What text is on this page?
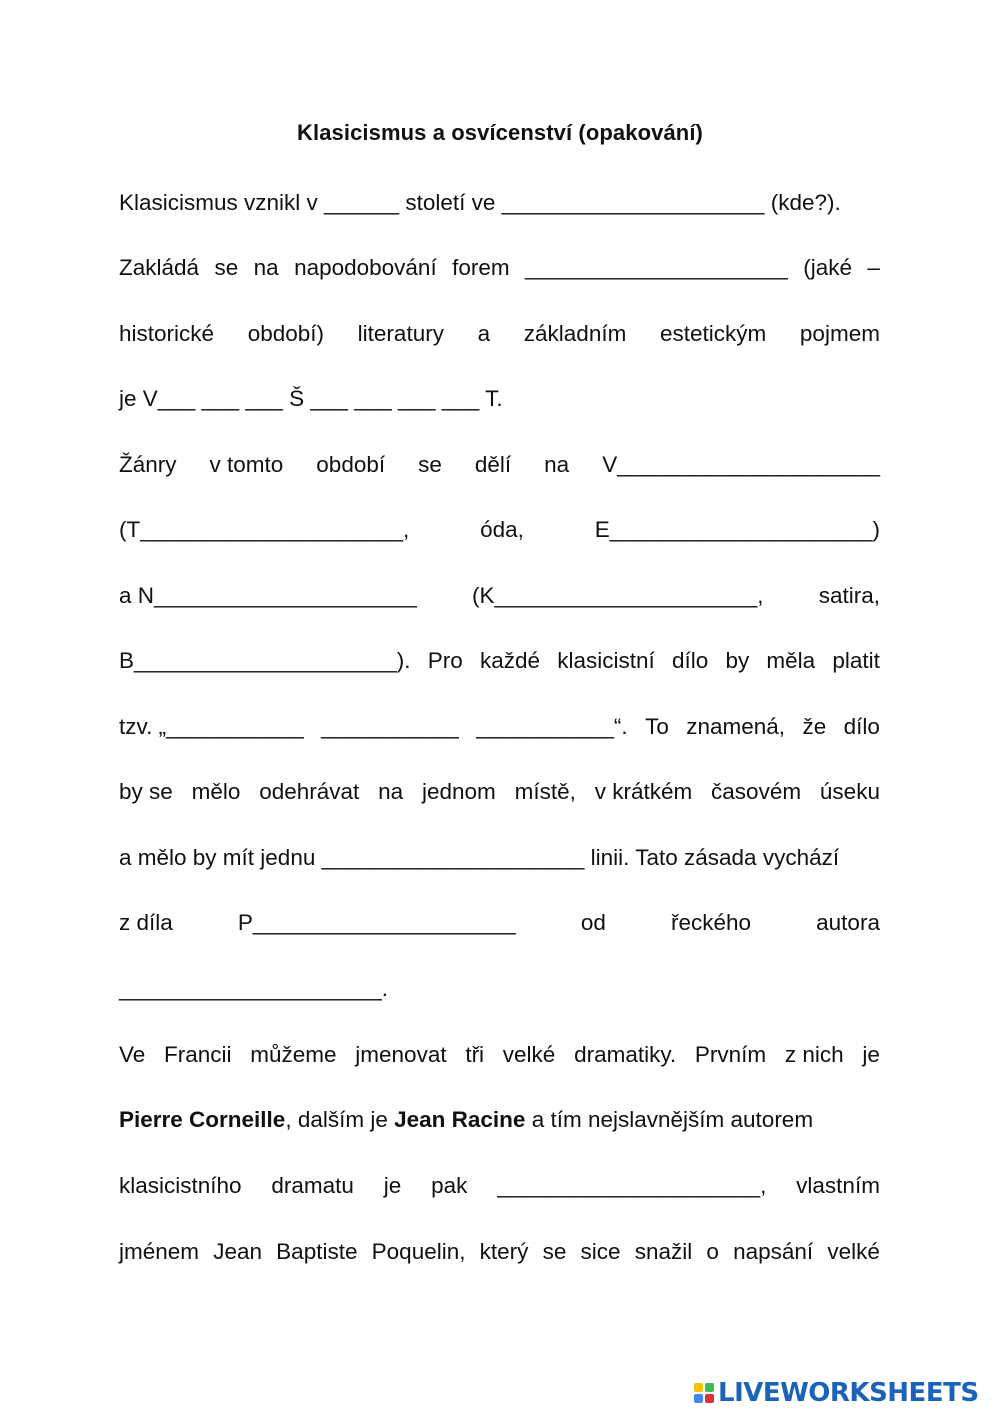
Klasicismus a osvícenství (opakování)
Klasicismus vznikl v ______ století ve _____________________ (kde?).
Zakládá se na napodobování forem _____________________ (jaké –
historické období) literatury a základním estetickým pojmem
je V___ ___ ___ Š ___ ___ ___ ___ T.
Žánry v tomto období se dělí na V_____________________
(T_____________________,	óda,	E_____________________)
a N_____________________ (K_____________________, satira,
B_____________________). Pro každé klasicistní dílo by měla platit
tzv. „___________ ___________ ___________“. To znamená, že dílo
by se mělo odehrávat na jednom místě, v krátkém časovém úseku
a mělo by mít jednu _____________________ linii. Tato zásada vychází
z díla	P_____________________	od	řeckého	autora
_____________________.
Ve Francii můžeme jmenovat tři velké dramatiky. Prvním z nich je
klasicistního dramatu je pak _____________________, vlastním
jménem Jean Baptiste Poquelin, který se sice snažil o napsání velké
Pierre Corneille, dalším je Jean Racine a tím nejslavnějším autorem
LIVEWORKSHEETS
